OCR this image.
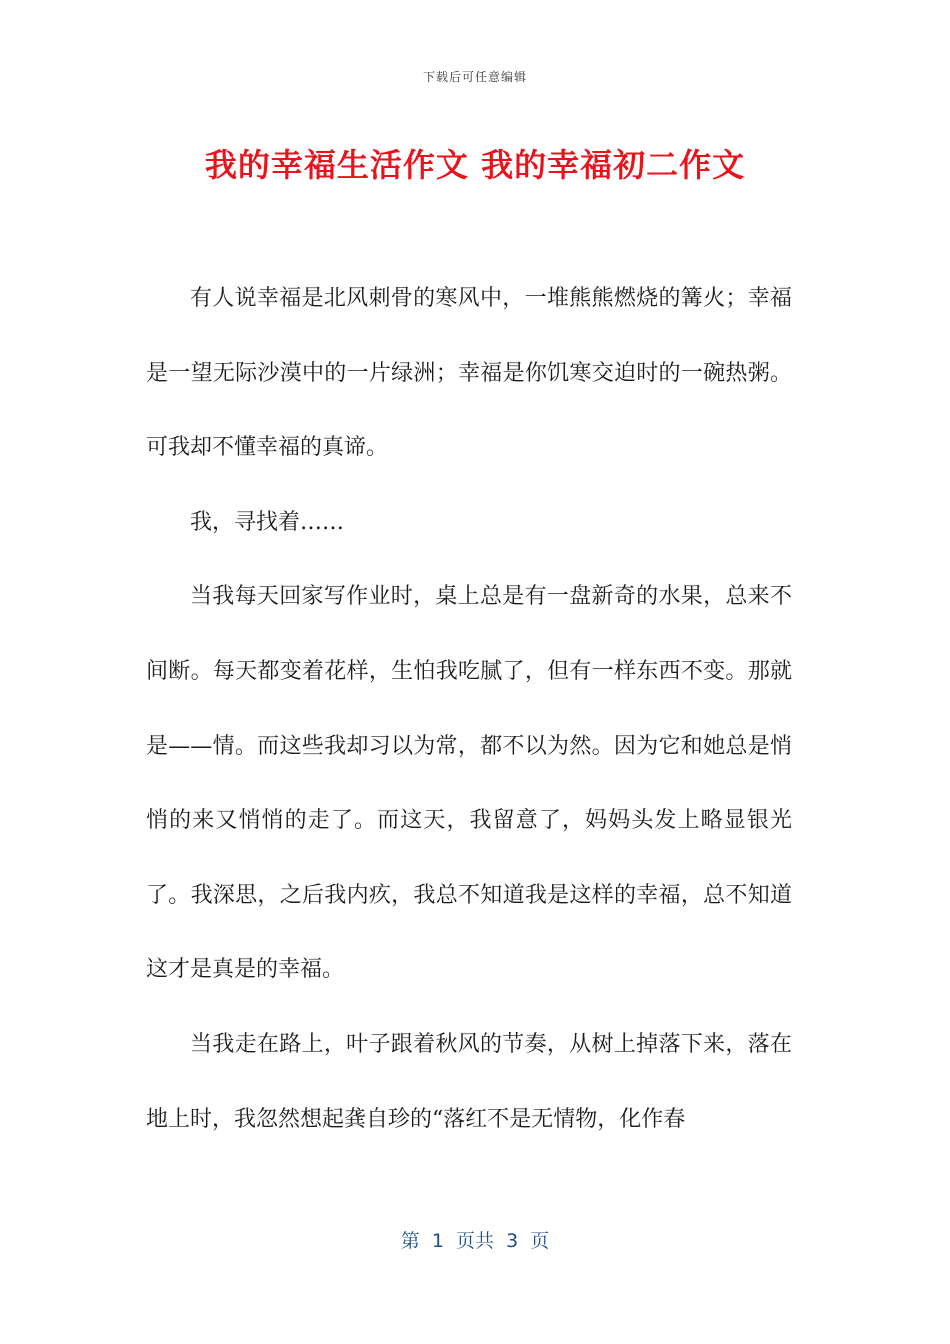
下载后可任意编辑
我的幸福生活作文 我的幸福初二作文

有人说幸福是北风刺骨的寒风中，一堆熊熊燃烧的篝火；幸福是一望无际沙漠中的一片绿洲；幸福是你饥寒交迫时的一碗热粥。可我却不懂幸福的真谛。

我，寻找着……

当我每天回家写作业时，桌上总是有一盘新奇的水果，总来不间断。每天都变着花样，生怕我吃腻了，但有一样东西不变。那就是——情。而这些我却习以为常，都不以为然。因为它和她总是悄悄的来又悄悄的走了。而这天，我留意了，妈妈头发上略显银光了。我深思，之后我内疚，我总不知道我是这样的幸福，总不知道这才是真是的幸福。

当我走在路上，叶子跟着秋风的节奏，从树上掉落下来，落在地上时，我忽然想起龚自珍的“落红不是无情物，化作春

第  1  页共  3  页
